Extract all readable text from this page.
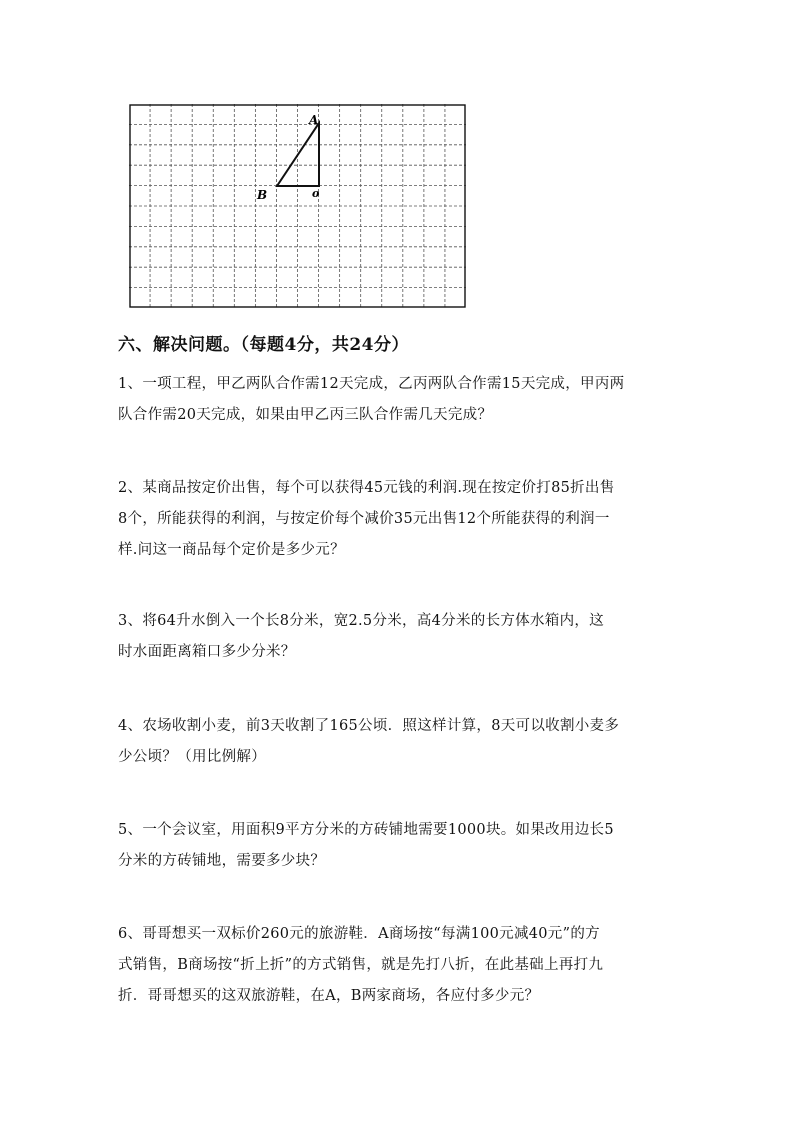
A
B	o
六、解决问题。（每题4分，共24分）

1、一项工程，甲乙两队合作需12天完成，乙丙两队合作需15天完成，甲丙两

队合作需20天完成，如果由甲乙丙三队合作需几天完成？

2、某商品按定价出售，每个可以获得45元钱的利润.现在按定价打85折出售

8个，所能获得的利润，与按定价每个减价35元出售12个所能获得的利润一

样.问这一商品每个定价是多少元？

3、将64升水倒入一个长8分米，宽2.5分米，高4分米的长方体水箱内，这

时水面距离箱口多少分米？

4、农场收割小麦，前3天收割了165公顷．照这样计算，8天可以收割小麦多

少公顷？（用比例解）

5、一个会议室，用面积9平方分米的方砖铺地需要1000块。如果改用边长5

分米的方砖铺地，需要多少块？

6、哥哥想买一双标价260元的旅游鞋．A商场按“每满100元减40元”的方

式销售，B商场按“折上折”的方式销售，就是先打八折，在此基础上再打九

折．哥哥想买的这双旅游鞋，在A，B两家商场，各应付多少元？
